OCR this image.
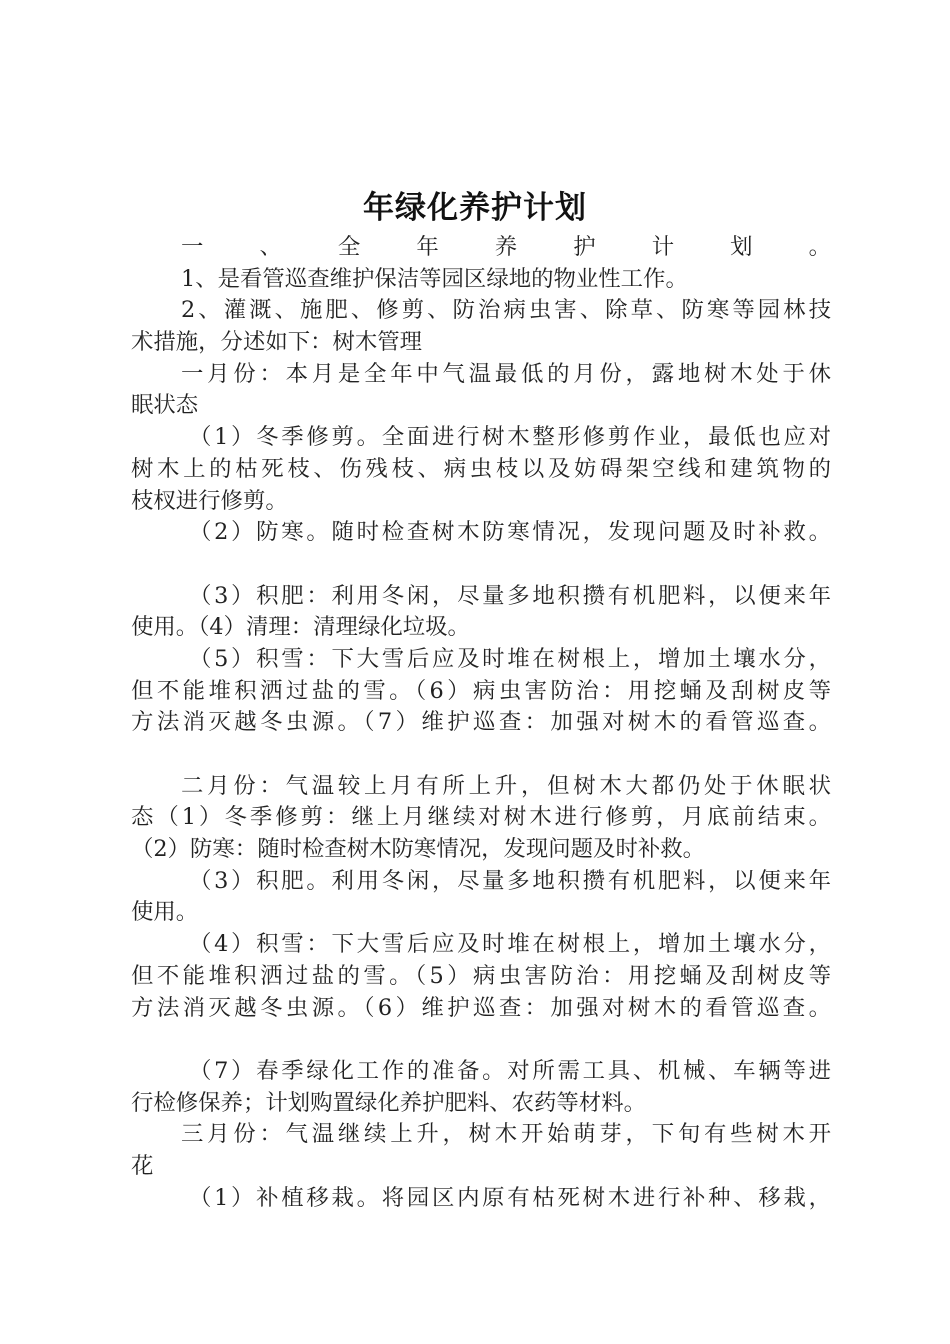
年绿化养护计划
一、全年养护计划。
1、是看管巡查维护保洁等园区绿地的物业性工作。
2、灌溉、施肥、修剪、防治病虫害、除草、防寒等园林技
术措施，分述如下：树木管理
一月份：本月是全年中气温最低的月份，露地树木处于休
眠状态
（1）冬季修剪。全面进行树木整形修剪作业，最低也应对
树木上的枯死枝、伤残枝、病虫枝以及妨碍架空线和建筑物的
枝杈进行修剪。
（2）防寒。随时检查树木防寒情况，发现问题及时补救。
（3）积肥：利用冬闲，尽量多地积攒有机肥料，以便来年
使用。（4）清理：清理绿化垃圾。
（5）积雪：下大雪后应及时堆在树根上，增加土壤水分，
但不能堆积洒过盐的雪。（6）病虫害防治：用挖蛹及刮树皮等
方法消灭越冬虫源。（7）维护巡查：加强对树木的看管巡查。
二月份：气温较上月有所上升，但树木大都仍处于休眠状
态（1）冬季修剪：继上月继续对树木进行修剪，月底前结束。
（2）防寒：随时检查树木防寒情况，发现问题及时补救。
（3）积肥。利用冬闲，尽量多地积攒有机肥料，以便来年
使用。
（4）积雪：下大雪后应及时堆在树根上，增加土壤水分，
但不能堆积洒过盐的雪。（5）病虫害防治：用挖蛹及刮树皮等
方法消灭越冬虫源。（6）维护巡查：加强对树木的看管巡查。
（7）春季绿化工作的准备。对所需工具、机械、车辆等进
行检修保养；计划购置绿化养护肥料、农药等材料。
三月份：气温继续上升，树木开始萌芽，下旬有些树木开
花
（1）补植移栽。将园区内原有枯死树木进行补种、移栽，
